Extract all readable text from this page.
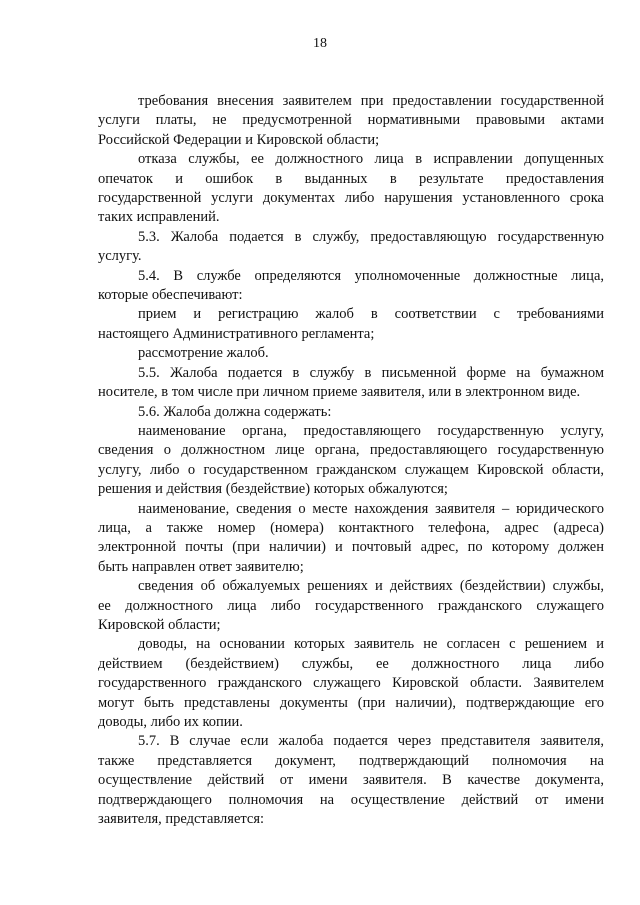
18

требования внесения заявителем при предоставлении государственной
услуги платы, не предусмотренной нормативными правовыми актами
Российской Федерации и Кировской области;

отказа службы, ее должностного лица в исправлении допущенных
опечаток и ошибок в выданных в результате предоставления
государственной услуги документах либо нарушения установленного срока
таких исправлений.

5.3. Жалоба подается в службу, предоставляющую государственную
услугу.

5.4. В службе определяются уполномоченные должностные лица,
которые обеспечивают:

прием и регистрацию жалоб в соответствии с требованиями
настоящего Административного регламента;

рассмотрение жалоб.

5.5. Жалоба подается в службу в письменной форме на бумажном
носителе, в том числе при личном приеме заявителя, или в электронном виде.

5.6. Жалоба должна содержать:

наименование органа, предоставляющего государственную услугу,
сведения о должностном лице органа, предоставляющего государственную
услугу, либо о государственном гражданском служащем Кировской области,
решения и действия (бездействие) которых обжалуются;

наименование, сведения о месте нахождения заявителя – юридического
лица, а также номер (номера) контактного телефона, адрес (адреса)
электронной почты (при наличии) и почтовый адрес, по которому должен
быть направлен ответ заявителю;

сведения об обжалуемых решениях и действиях (бездействии) службы,
ее должностного лица либо государственного гражданского служащего
Кировской области;

доводы, на основании которых заявитель не согласен с решением и
действием (бездействием) службы, ее должностного лица либо
государственного гражданского служащего Кировской области. Заявителем
могут быть представлены документы (при наличии), подтверждающие его
доводы, либо их копии.

5.7. В случае если жалоба подается через представителя заявителя,
также представляется документ, подтверждающий полномочия на
осуществление действий от имени заявителя. В качестве документа,
подтверждающего полномочия на осуществление действий от имени
заявителя, представляется:
